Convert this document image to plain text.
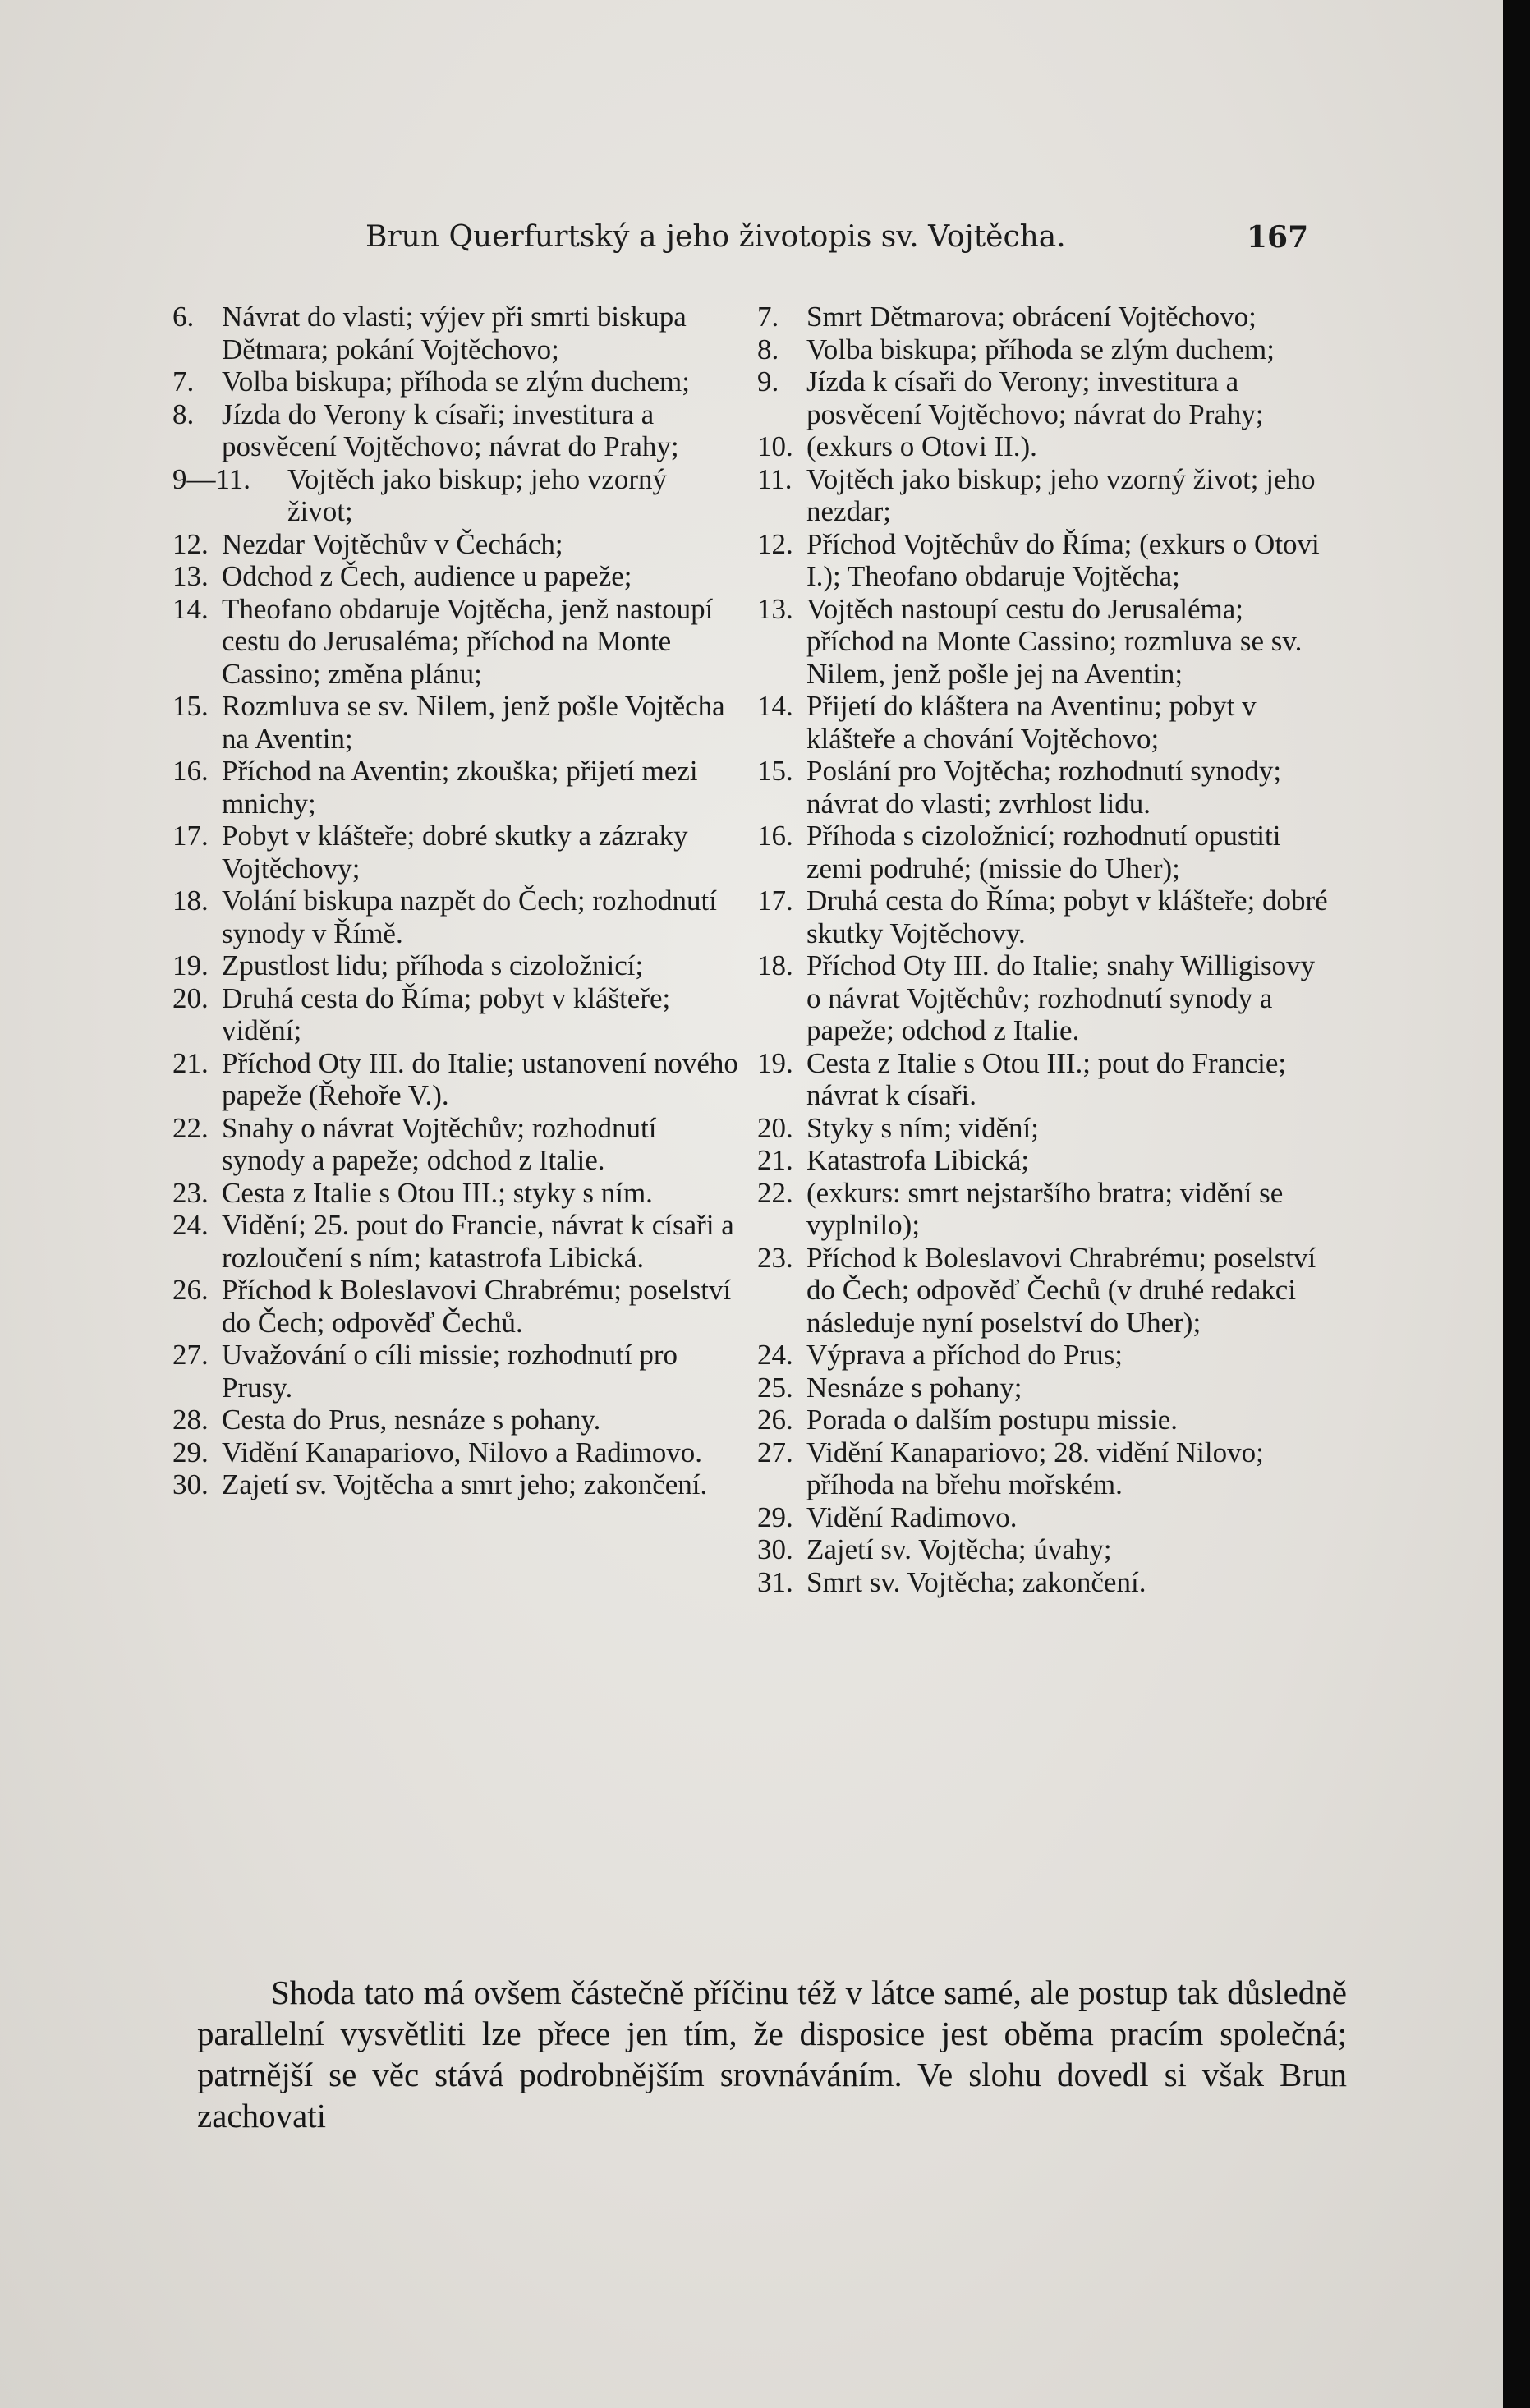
Brun Querfurtský a jeho životopis sv. Vojtěcha.	167
6. Návrat do vlasti; výjev při smrti biskupa Dětmara; pokání Vojtěchovo;
7. Volba biskupa; příhoda se zlým duchem;
8. Jízda do Verony k císaři; investitura a posvěcení Vojtěchovo; návrat do Prahy;
9—11. Vojtěch jako biskup; jeho vzorný život;
12. Nezdar Vojtěchův v Čechách;
13. Odchod z Čech, audience u papeže;
14. Theofano obdaruje Vojtěcha, jenž nastoupí cestu do Jerusaléma; příchod na Monte Cassino; změna plánu;
15. Rozmluva se sv. Nilem, jenž pošle Vojtěcha na Aventin;
16. Příchod na Aventin; zkouška; přijetí mezi mnichy;
17. Pobyt v klášteře; dobré skutky a zázraky Vojtěchovy;
18. Volání biskupa nazpět do Čech; rozhodnutí synody v Římě.
19. Zpustlost lidu; příhoda s cizoložnicí;
20. Druhá cesta do Říma; pobyt v klášteře; vidění;
21. Příchod Oty III. do Italie; ustanovení nového papeže (Řehoře V.).
22. Snahy o návrat Vojtěchův; rozhodnutí synody a papeže; odchod z Italie.
23. Cesta z Italie s Otou III.; styky s ním.
24. Vidění; 25. pout do Francie, návrat k císaři a rozloučení s ním; katastrofa Libická.
26. Příchod k Boleslavovi Chrabrému; poselství do Čech; odpověď Čechů.
27. Uvažování o cíli missie; rozhodnutí pro Prusy.
28. Cesta do Prus, nesnáze s pohany.
29. Vidění Kanapariovo, Nilovo a Radimovo.
30. Zajetí sv. Vojtěcha a smrt jeho; zakončení.
7. Smrt Dětmarova; obrácení Vojtěchovo;
8. Volba biskupa; příhoda se zlým duchem;
9. Jízda k císaři do Verony; investitura a posvěcení Vojtěchovo; návrat do Prahy;
10. (exkurs o Otovi II.).
11. Vojtěch jako biskup; jeho vzorný život; jeho nezdar;
12. Příchod Vojtěchův do Říma; (exkurs o Otovi I.); Theofano obdaruje Vojtěcha;
13. Vojtěch nastoupí cestu do Jerusaléma; příchod na Monte Cassino; rozmluva se sv. Nilem, jenž pošle jej na Aventin;
14. Přijetí do kláštera na Aventinu; pobyt v klášteře a chování Vojtěchovo;
15. Poslání pro Vojtěcha; rozhodnutí synody; návrat do vlasti; zvrhlost lidu.
16. Příhoda s cizoložnicí; rozhodnutí opustiti zemi podruhé; (missie do Uher);
17. Druhá cesta do Říma; pobyt v klášteře; dobré skutky Vojtěchovy.
18. Příchod Oty III. do Italie; snahy Willigisovy o návrat Vojtěchův; rozhodnutí synody a papeže; odchod z Italie.
19. Cesta z Italie s Otou III.; pout do Francie; návrat k císaři.
20. Styky s ním; vidění;
21. Katastrofa Libická;
22. (exkurs: smrt nejstaršího bratra; vidění se vyplnilo);
23. Příchod k Boleslavovi Chrabrému; poselství do Čech; odpověď Čechů (v druhé redakci následuje nyní poselství do Uher);
24. Výprava a příchod do Prus;
25. Nesnáze s pohany;
26. Porada o dalším postupu missie.
27. Vidění Kanapariovo; 28. vidění Nilovo; příhoda na břehu mořském.
29. Vidění Radimovo.
30. Zajetí sv. Vojtěcha; úvahy;
31. Smrt sv. Vojtěcha; zakončení.

Shoda tato má ovšem částečně příčinu též v látce samé, ale postup tak důsledně parallelní vysvětliti lze přece jen tím, že disposice jest oběma pracím společná; patrnější se věc stává podrobnějším srovnáváním. Ve slohu dovedl si však Brun zachovati
